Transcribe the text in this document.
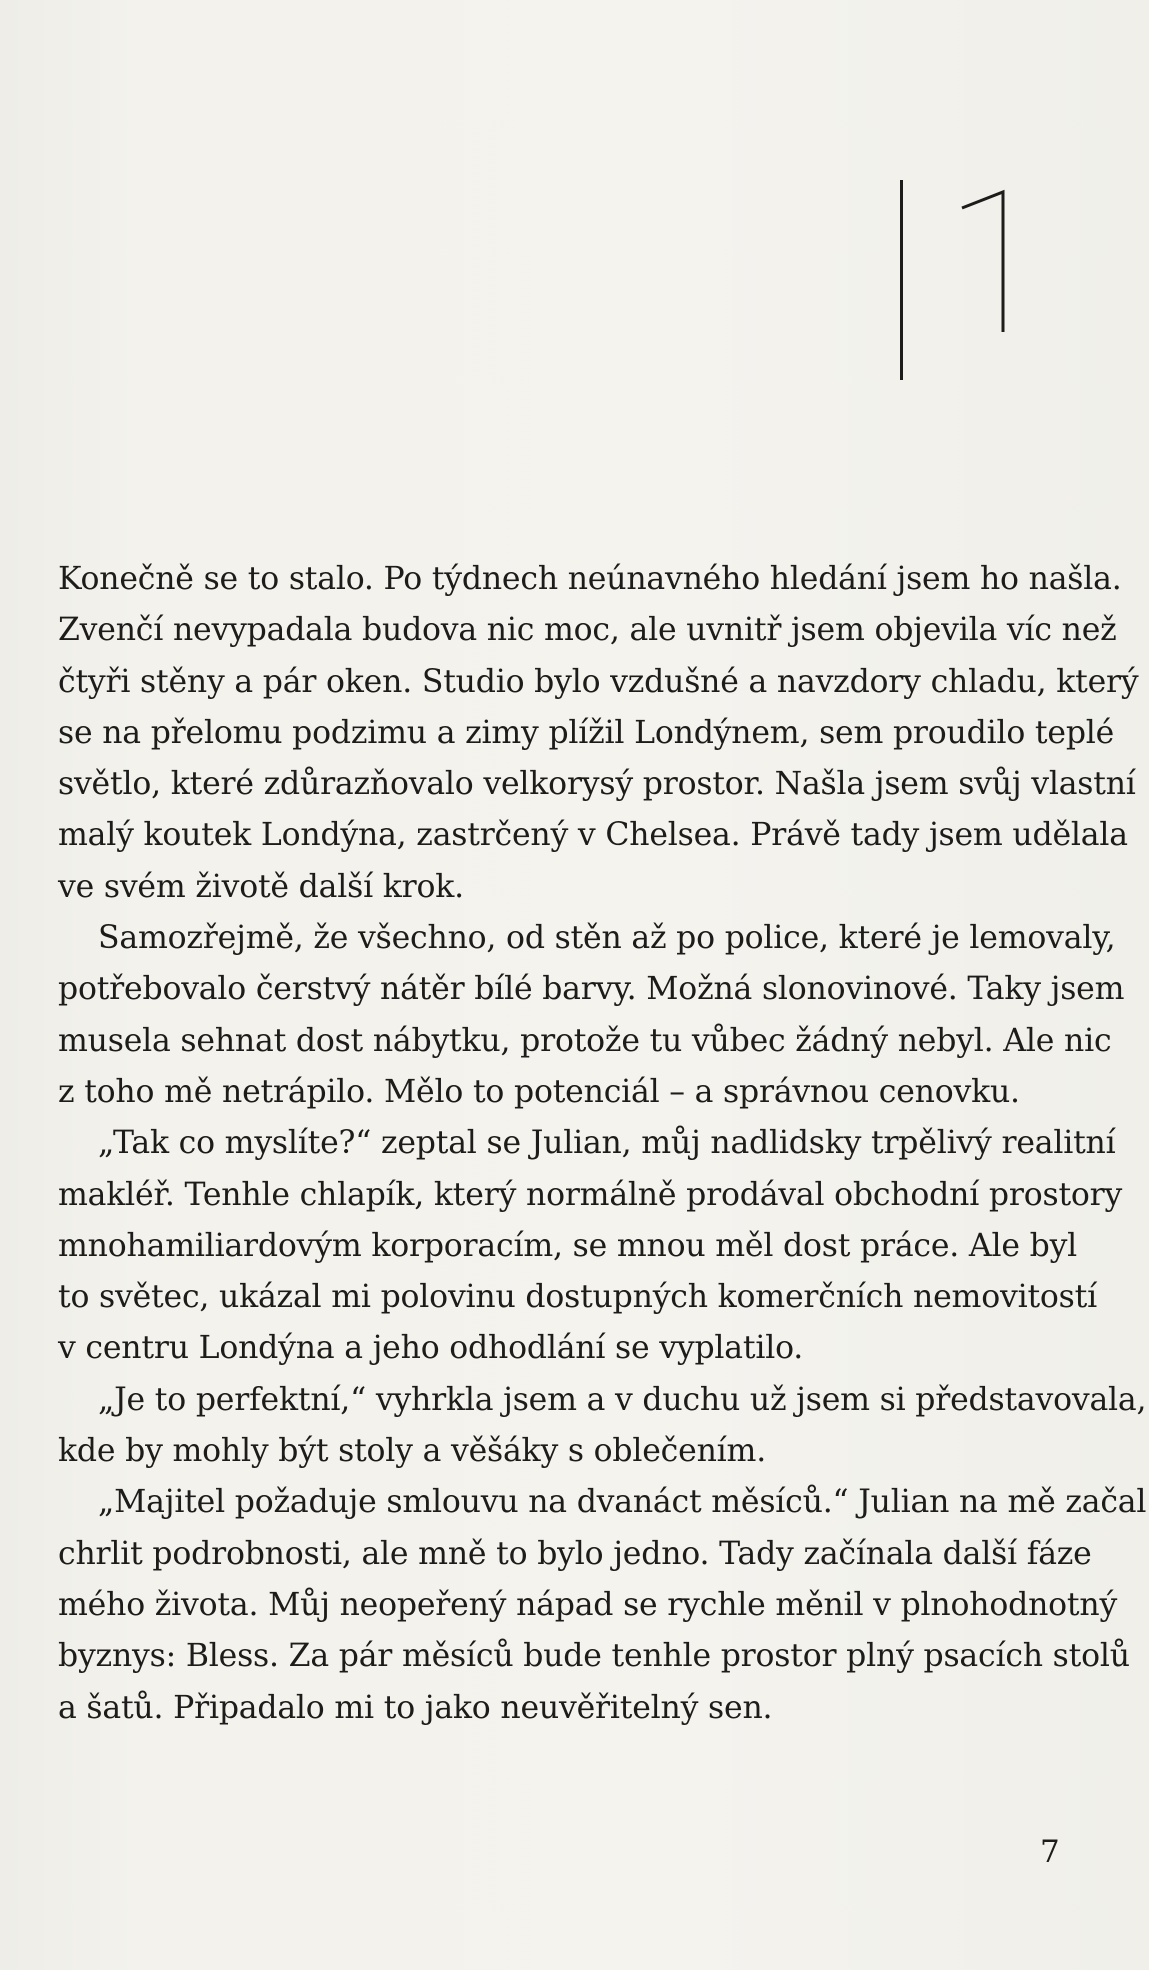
Konečně se to stalo. Po týdnech neúnavného hledání jsem ho našla.
Zvenčí nevypadala budova nic moc, ale uvnitř jsem objevila víc než
čtyři stěny a pár oken. Studio bylo vzdušné a navzdory chladu, který
se na přelomu podzimu a zimy plížil Londýnem, sem proudilo teplé
světlo, které zdůrazňovalo velkorysý prostor. Našla jsem svůj vlastní
malý koutek Londýna, zastrčený v Chelsea. Právě tady jsem udělala
ve svém životě další krok.
Samozřejmě, že všechno, od stěn až po police, které je lemovaly,
potřebovalo čerstvý nátěr bílé barvy. Možná slonovinové. Taky jsem
musela sehnat dost nábytku, protože tu vůbec žádný nebyl. Ale nic
z toho mě netrápilo. Mělo to potenciál – a správnou cenovku.
„Tak co myslíte?“ zeptal se Julian, můj nadlidsky trpělivý realitní
makléř. Tenhle chlapík, který normálně prodával obchodní prostory
mnohamiliardovým korporacím, se mnou měl dost práce. Ale byl
to světec, ukázal mi polovinu dostupných komerčních nemovitostí
v centru Londýna a jeho odhodlání se vyplatilo.
„Je to perfektní,“ vyhrkla jsem a v duchu už jsem si představovala,
kde by mohly být stoly a věšáky s oblečením.
„Majitel požaduje smlouvu na dvanáct měsíců.“ Julian na mě začal
chrlit podrobnosti, ale mně to bylo jedno. Tady začínala další fáze
mého života. Můj neopeřený nápad se rychle měnil v plnohodnotný
byznys: Bless. Za pár měsíců bude tenhle prostor plný psacích stolů
a šatů. Připadalo mi to jako neuvěřitelný sen.
7
